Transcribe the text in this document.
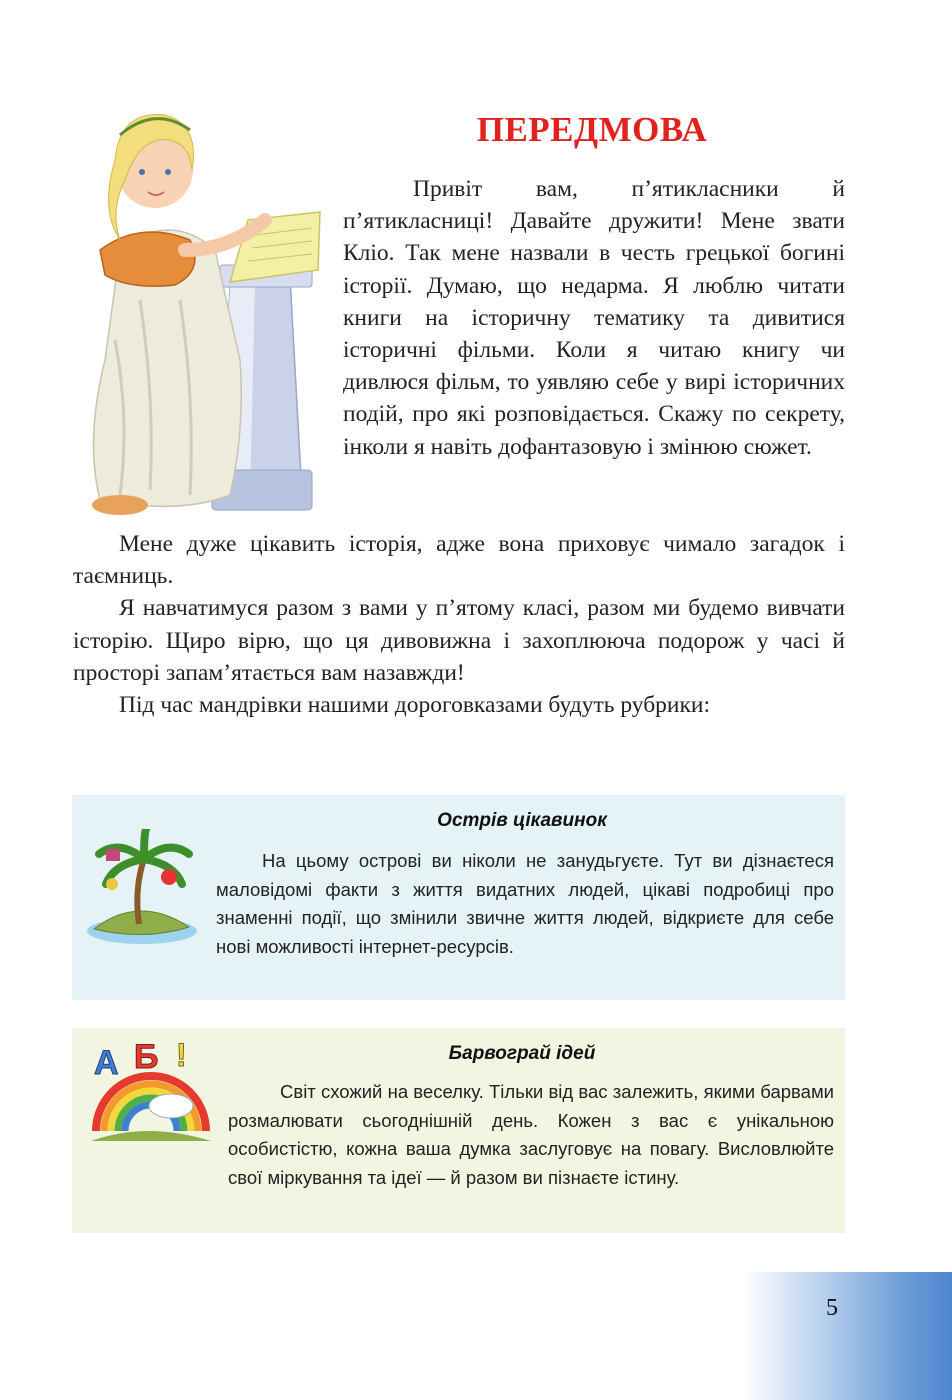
ПЕРЕДМОВА

Привіт вам, п’ятикласники й п’ятикласниці! Давайте дружити! Мене звати Кліо. Так мене назвали в честь грецької богині історії. Думаю, що недарма. Я люблю читати книги на історичну тематику та дивитися історичні фільми. Коли я читаю книгу чи дивлюся фільм, то уявляю себе у вирі історичних подій, про які розповідається. Скажу по секрету, інколи я навіть дофантазовую і змінюю сюжет.

Мене дуже цікавить історія, адже вона приховує чимало загадок і таємниць.

Я навчатимуся разом з вами у п’ятому класі, разом ми будемо вивчати історію. Щиро вірю, що ця дивовижна і захоплююча подорож у часі й просторі запам’ятається вам назавжди!

Під час мандрівки нашими дороговказами будуть рубрики:

Острів цікавинок

На цьому острові ви ніколи не занудьгуєте. Тут ви дізнаєтеся маловідомі факти з життя видатних людей, цікаві подробиці про знаменні події, що змінили звичне життя людей, відкриєте для себе нові можливості інтернет-ресурсів.

Барвограй ідей
А Б !

Світ схожий на веселку. Тільки від вас залежить, якими барвами розмалювати сьогоднішній день. Кожен з вас є унікальною особистістю, кожна ваша думка заслуговує на повагу. Висловлюйте свої міркування та ідеї — й разом ви пізнаєте істину.

5
